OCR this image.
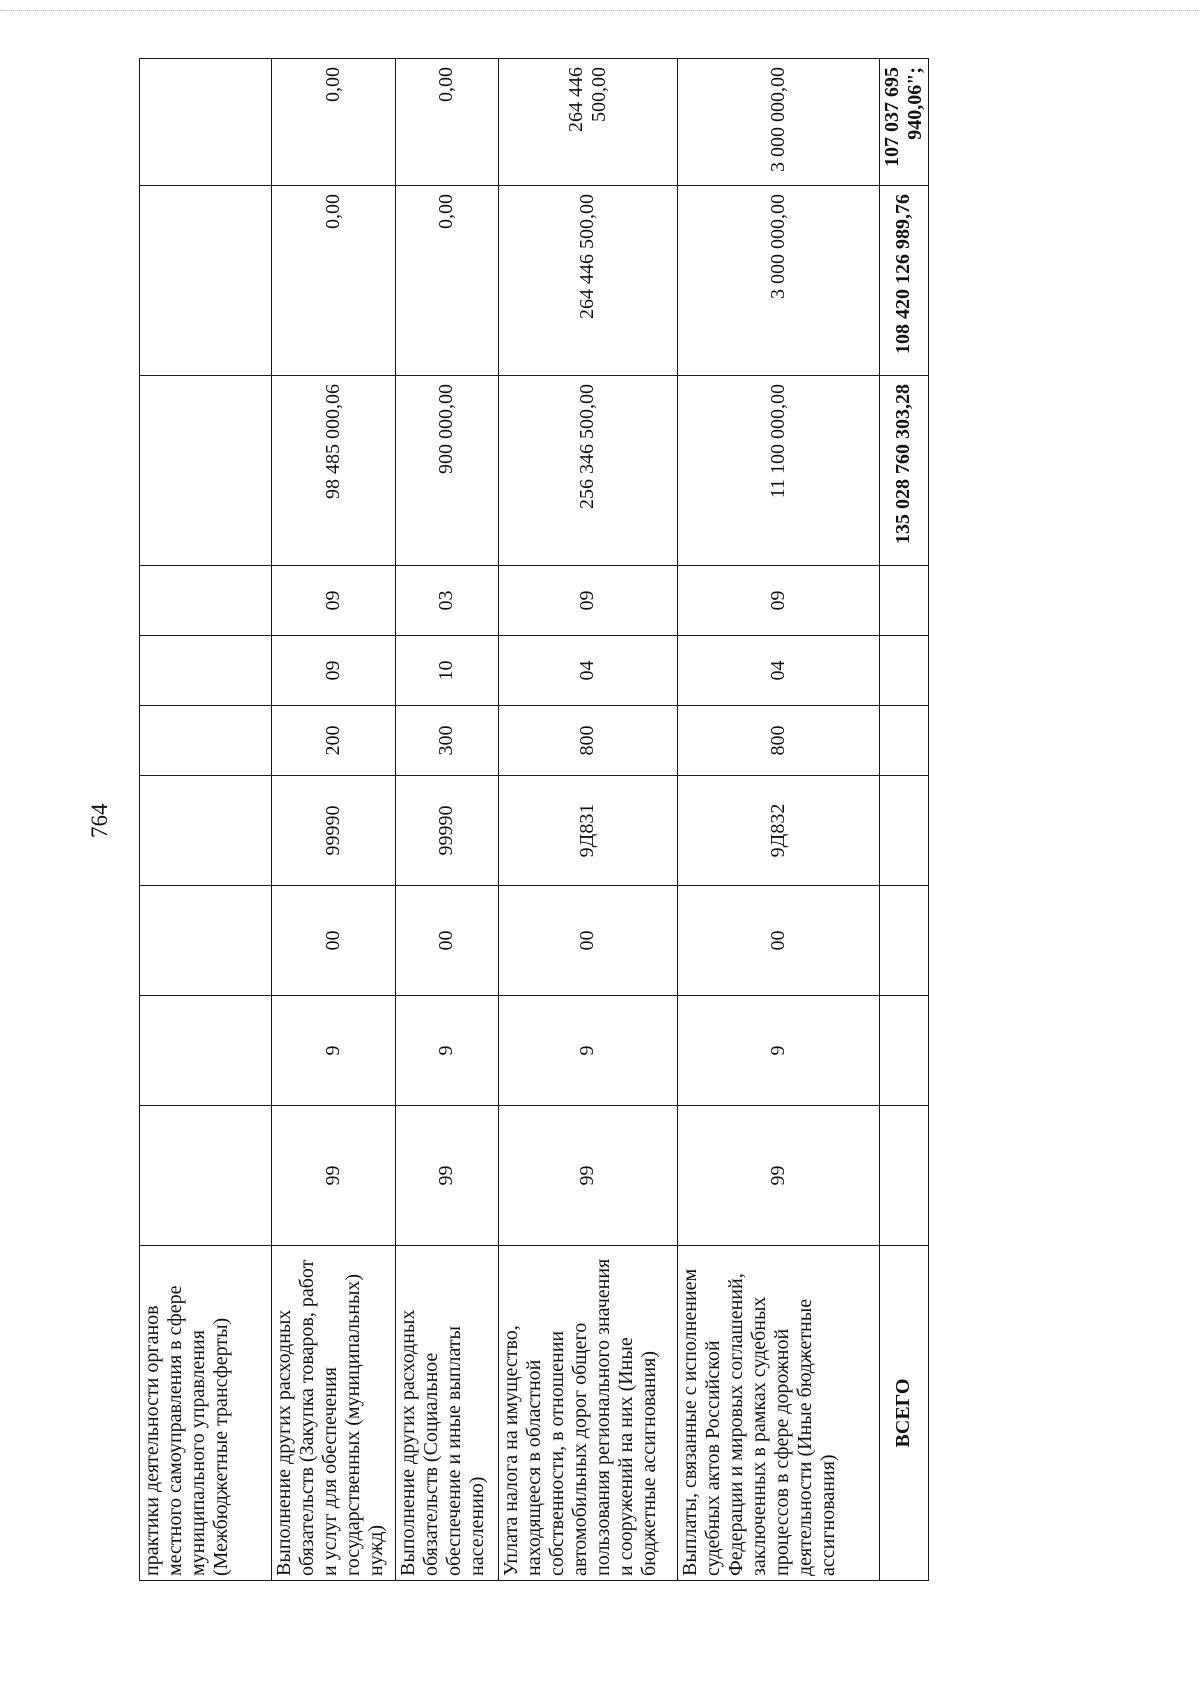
764
практики деятельности органов местного самоуправления в сфере муниципального управления (Межбюджетные трансферты)										
Выполнение других расходных обязательств (Закупка товаров, работ и услуг для обеспечения государственных (муниципальных) нужд)	99	9	00	99990	200	09	09	98 485 000,06	0,00	0,00
Выполнение других расходных обязательств (Социальное обеспечение и иные выплаты населению)	99	9	00	99990	300	10	03	900 000,00	0,00	0,00
Уплата налога на имущество, находящееся в областной собственности, в отношении автомобильных дорог общего пользования регионального значения и сооружений на них (Иные бюджетные ассигнования)	99	9	00	9Д831	800	04	09	256 346 500,00	264 446 500,00	264 446 500,00
Выплаты, связанные с исполнением судебных актов Российской Федерации и мировых соглашений, заключенных в рамках судебных процессов в сфере дорожной деятельности (Иные бюджетные ассигнования)	99	9	00	9Д832	800	04	09	11 100 000,00	3 000 000,00	3 000 000,00
ВСЕГО								135 028 760 303,28	108 420 126 989,76	107 037 695 940,06";
